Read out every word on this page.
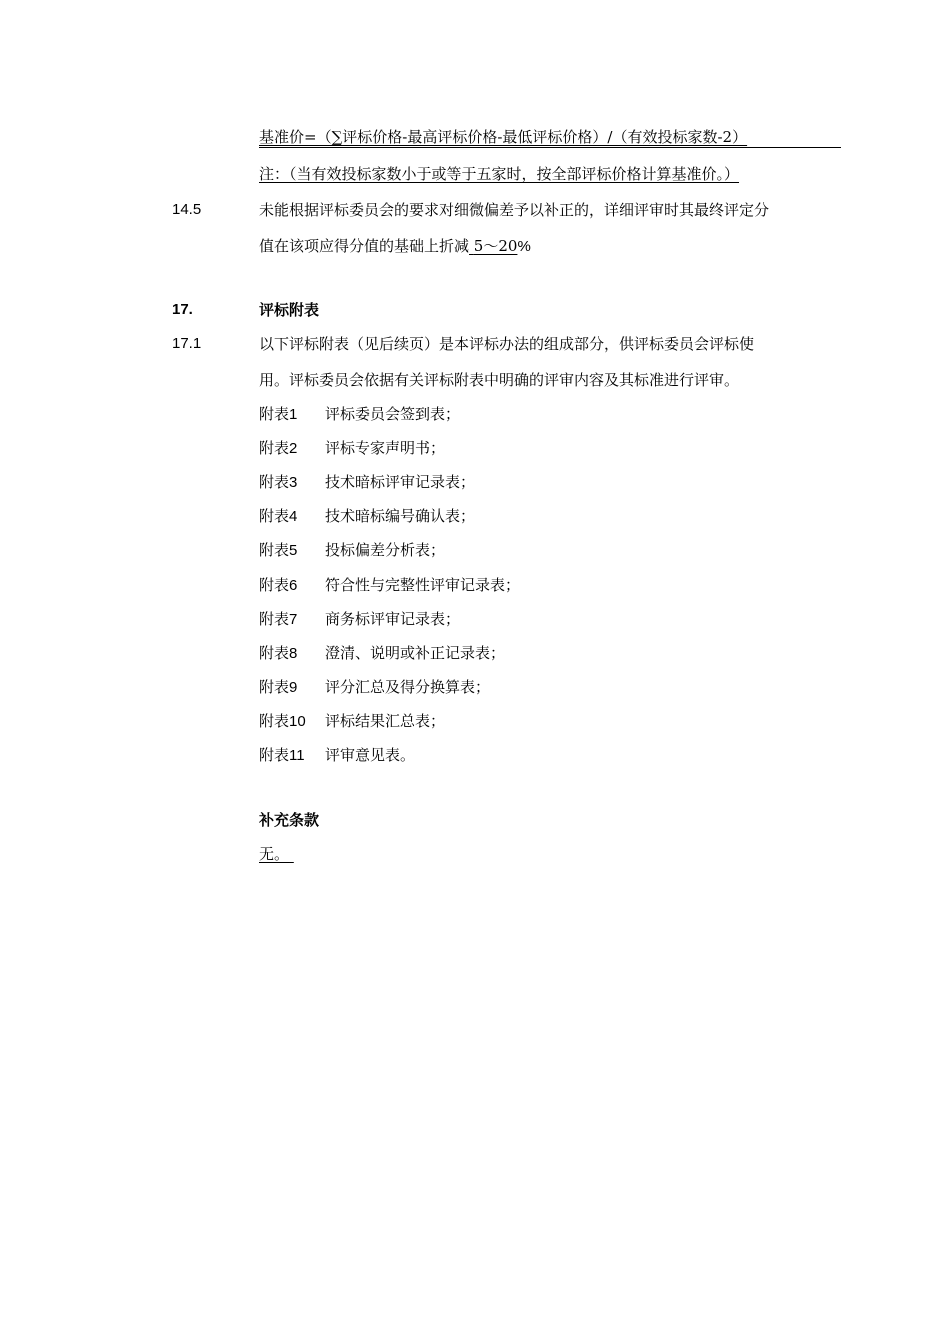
基准价=（∑评标价格-最高评标价格-最低评标价格）/（有效投标家数-2）
注：（当有效投标家数小于或等于五家时，按全部评标价格计算基准价。）
14.5	未能根据评标委员会的要求对细微偏差予以补正的，详细评审时其最终评定分
值在该项应得分值的基础上折减 5～20%
17.	评标附表
17.1	以下评标附表（见后续页）是本评标办法的组成部分，供评标委员会评标使
用。评标委员会依据有关评标附表中明确的评审内容及其标准进行评审。
附表1 评标委员会签到表；
附表2 评标专家声明书；
附表3 技术暗标评审记录表；
附表4 技术暗标编号确认表；
附表5 投标偏差分析表；
附表6 符合性与完整性评审记录表；
附表7 商务标评审记录表；
附表8 澄清、说明或补正记录表；
附表9 评分汇总及得分换算表；
附表10 评标结果汇总表；
附表11 评审意见表。
补充条款
无。
